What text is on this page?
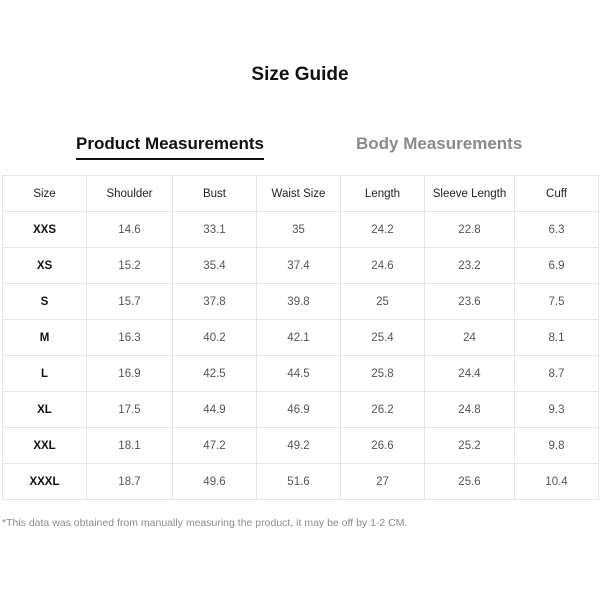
Size Guide
Product Measurements	Body Measurements
Size	Shoulder	Bust	Waist Size	Length	Sleeve Length	Cuff
XXS	14.6	33.1	35	24.2	22.8	6.3
XS	15.2	35.4	37.4	24.6	23.2	6.9
S	15.7	37.8	39.8	25	23.6	7.5
M	16.3	40.2	42.1	25.4	24	8.1
L	16.9	42.5	44.5	25.8	24.4	8.7
XL	17.5	44.9	46.9	26.2	24.8	9.3
XXL	18.1	47.2	49.2	26.6	25.2	9.8
XXXL	18.7	49.6	51.6	27	25.6	10.4
*This data was obtained from manually measuring the product, it may be off by 1-2 CM.
